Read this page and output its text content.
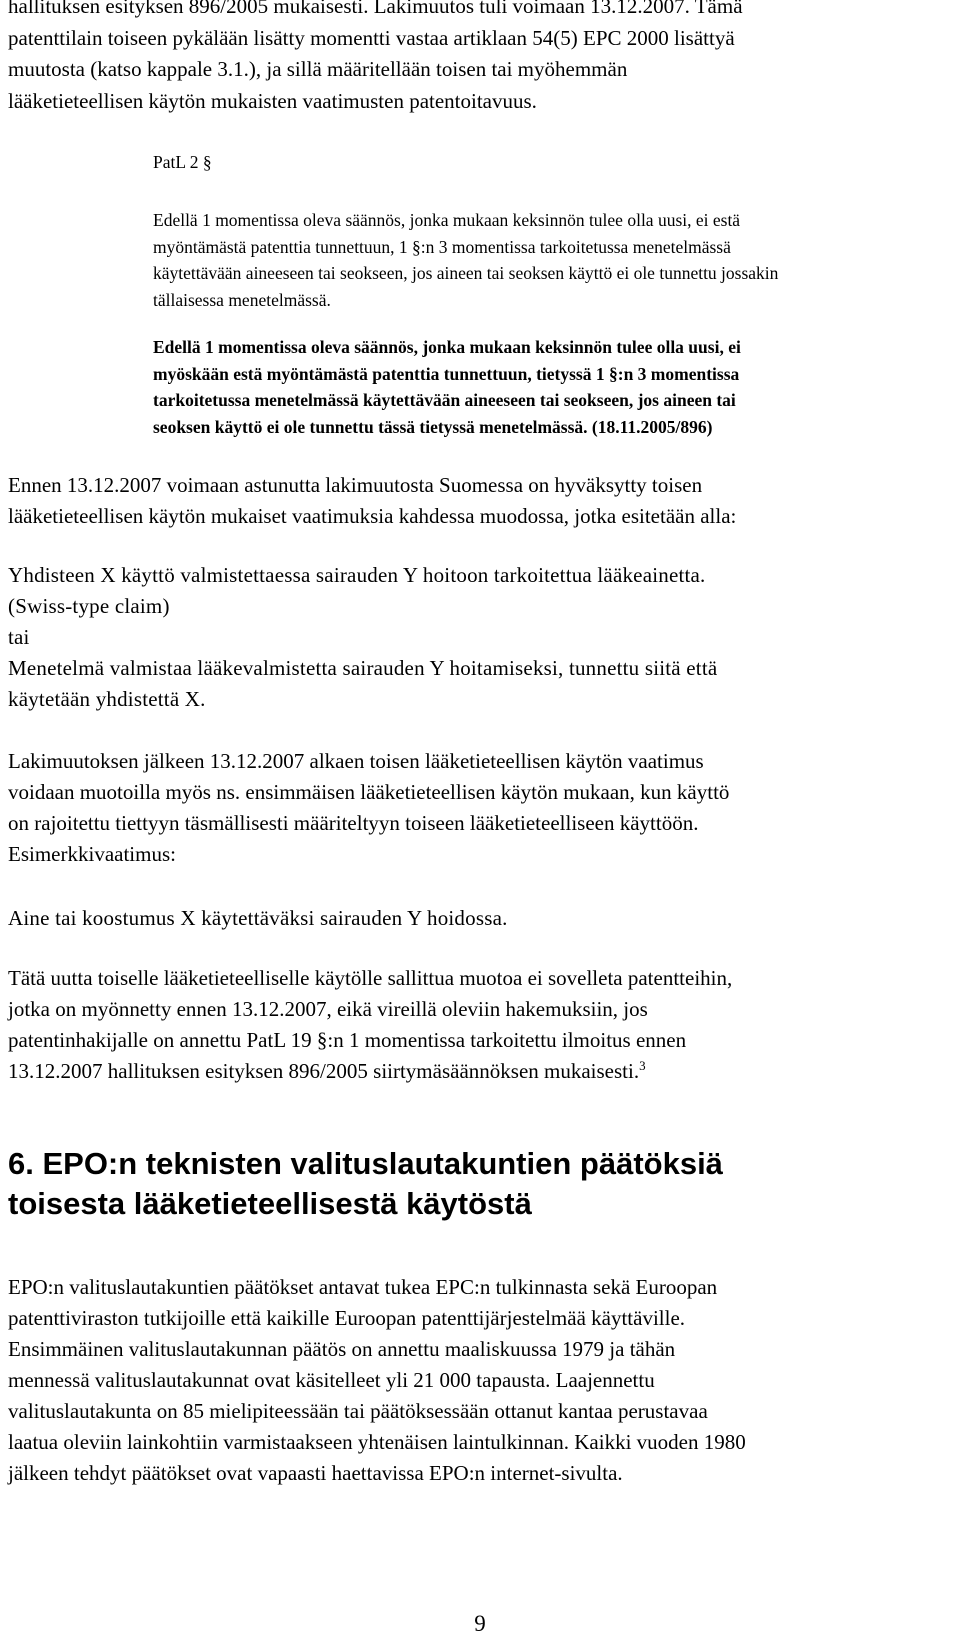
hallituksen esityksen 896/2005 mukaisesti. Lakimuutos tuli voimaan 13.12.2007. Tämä
patenttilain toiseen pykälään lisätty momentti vastaa artiklaan 54(5) EPC 2000 lisättyä
muutosta (katso kappale 3.1.), ja sillä määritellään toisen tai myöhemmän
lääketieteellisen käytön mukaisten vaatimusten patentoitavuus.

PatL 2 §

Edellä 1 momentissa oleva säännös, jonka mukaan keksinnön tulee olla uusi, ei estä
myöntämästä patenttia tunnettuun, 1 §:n 3 momentissa tarkoitetussa menetelmässä
käytettävään aineeseen tai seokseen, jos aineen tai seoksen käyttö ei ole tunnettu jossakin
tällaisessa menetelmässä.

Edellä 1 momentissa oleva säännös, jonka mukaan keksinnön tulee olla uusi, ei
myöskään estä myöntämästä patenttia tunnettuun, tietyssä 1 §:n 3 momentissa
tarkoitetussa menetelmässä käytettävään aineeseen tai seokseen, jos aineen tai
seoksen käyttö ei ole tunnettu tässä tietyssä menetelmässä. (18.11.2005/896)

Ennen 13.12.2007 voimaan astunutta lakimuutosta Suomessa on hyväksytty toisen
lääketieteellisen käytön mukaiset vaatimuksia kahdessa muodossa, jotka esitetään alla:

Yhdisteen X käyttö valmistettaessa sairauden Y hoitoon tarkoitettua lääkeainetta.
(Swiss-type claim)
tai
Menetelmä valmistaa lääkevalmistetta sairauden Y hoitamiseksi, tunnettu siitä että
käytetään yhdistettä X.

Lakimuutoksen jälkeen 13.12.2007 alkaen toisen lääketieteellisen käytön vaatimus
voidaan muotoilla myös ns. ensimmäisen lääketieteellisen käytön mukaan, kun käyttö
on rajoitettu tiettyyn täsmällisesti määriteltyyn toiseen lääketieteelliseen käyttöön.
Esimerkkivaatimus:

Aine tai koostumus X käytettäväksi sairauden Y hoidossa.

Tätä uutta toiselle lääketieteelliselle käytölle sallittua muotoa ei sovelleta patentteihin,
jotka on myönnetty ennen 13.12.2007, eikä vireillä oleviin hakemuksiin, jos
patentinhakijalle on annettu PatL 19 §:n 1 momentissa tarkoitettu ilmoitus ennen
13.12.2007 hallituksen esityksen 896/2005 siirtymäsäännöksen mukaisesti.$^3$

6. EPO:n teknisten valituslautakuntien päätöksiä
toisesta lääketieteellisestä käytöstä

EPO:n valituslautakuntien päätökset antavat tukea EPC:n tulkinnasta sekä Euroopan
patenttiviraston tutkijoille että kaikille Euroopan patenttijärjestelmää käyttäville.
Ensimmäinen valituslautakunnan päätös on annettu maaliskuussa 1979 ja tähän
mennessä valituslautakunnat ovat käsitelleet yli 21 000 tapausta. Laajennettu
valituslautakunta on 85 mielipiteessään tai päätöksessään ottanut kantaa perustavaa
laatua oleviin lainkohtiin varmistaakseen yhtenäisen laintulkinnan. Kaikki vuoden 1980
jälkeen tehdyt päätökset ovat vapaasti haettavissa EPO:n internet-sivulta.

9
